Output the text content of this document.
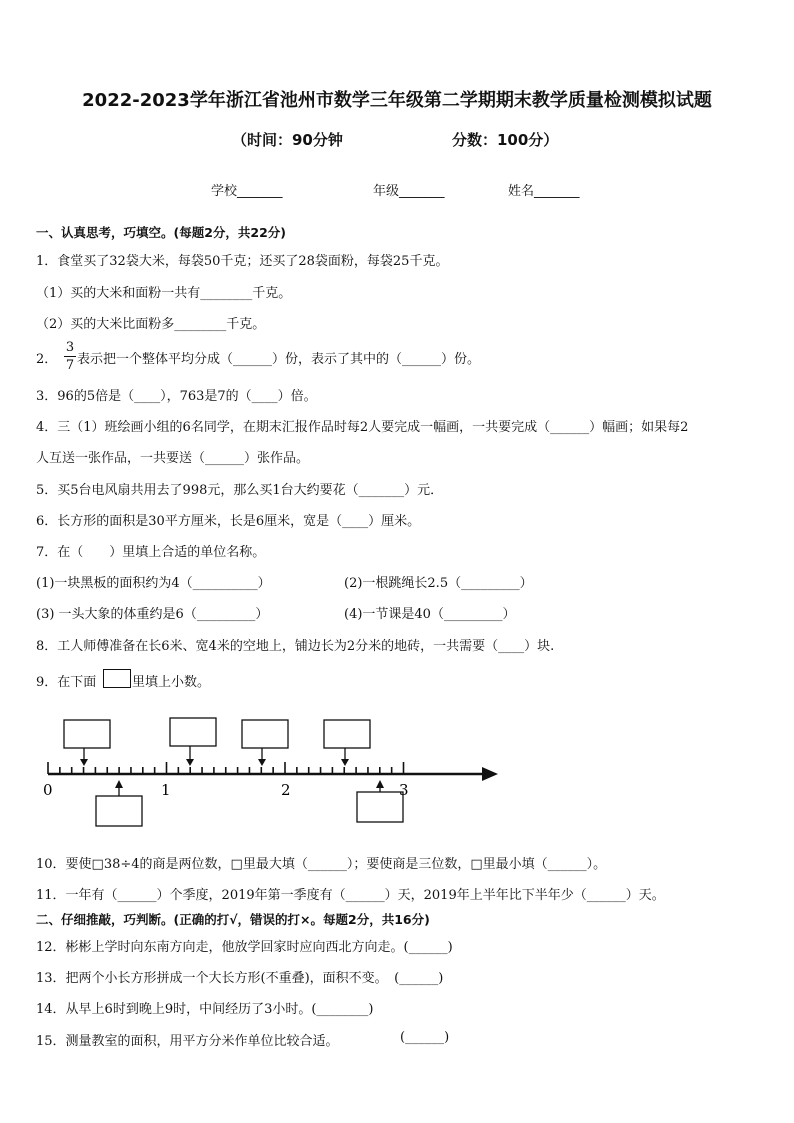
2022-2023学年浙江省池州市数学三年级第二学期期末教学质量检测模拟试题
（时间：90分钟	分数：100分）
学校_______	年级_______	姓名_______
一、认真思考，巧填空。(每题2分，共22分)
1．食堂买了32袋大米，每袋50千克；还买了28袋面粉，每袋25千克。
（1）买的大米和面粉一共有________千克。
（2）买的大米比面粉多________千克。
2．
3
7 表示把一个整体平均分成（______）份，表示了其中的（______）份。
3．96的5倍是（____），763是7的（____）倍。
4．三（1）班绘画小组的6名同学，在期末汇报作品时每2人要完成一幅画，一共要完成（______）幅画；如果每2
人互送一张作品，一共要送（______）张作品。
5．买5台电风扇共用去了998元，那么买1台大约要花（_______）元．
6．长方形的面积是30平方厘米，长是6厘米，宽是（____）厘米。
7．在（　　）里填上合适的单位名称。
(1)一块黑板的面积约为4（__________）	(2)一根跳绳长2.5（_________）
(3) 一头大象的体重约是6（_________）	(4)一节课是40（_________）
8．工人师傅准备在长6米、宽4米的空地上，铺边长为2分米的地砖，一共需要（____）块.
9．在下面	里填上小数。
0	1	2	3
10．要使□38÷4的商是两位数，□里最大填（______）；要使商是三位数，□里最小填（______）。
11．一年有（______）个季度，2019年第一季度有（______）天，2019年上半年比下半年少（______）天。
二、仔细推敲，巧判断。(正确的打√，错误的打×。每题2分，共16分)
12．彬彬上学时向东南方向走，他放学回家时应向西北方向走。(______)
13．把两个小长方形拼成一个大长方形(不重叠)，面积不变。　(______)
14．从早上6时到晚上9时，中间经历了3小时。(________)
15．测量教室的面积，用平方分米作单位比较合适。	(______)
